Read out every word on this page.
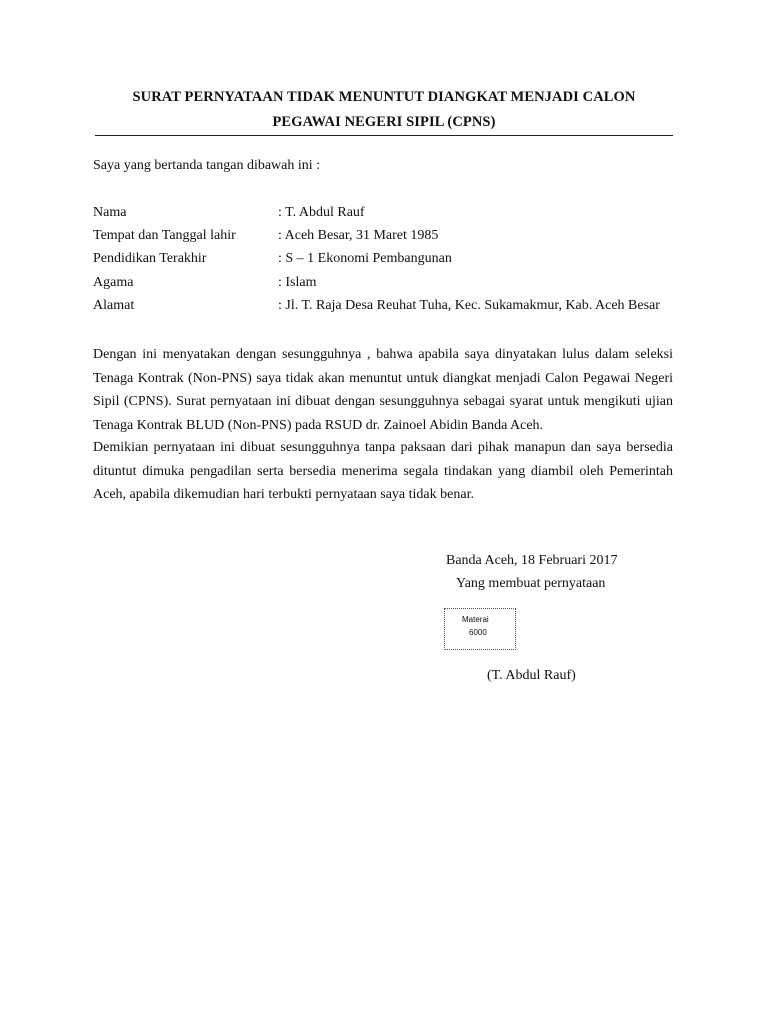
SURAT PERNYATAAN TIDAK MENUNTUT DIANGKAT MENJADI CALON
PEGAWAI NEGERI SIPIL (CPNS)
Saya yang bertanda tangan dibawah ini :
Nama	: T. Abdul Rauf
Tempat dan Tanggal lahir	: Aceh Besar, 31 Maret 1985
Pendidikan Terakhir	: S – 1 Ekonomi Pembangunan
Agama	: Islam
Alamat	: Jl. T. Raja Desa Reuhat Tuha, Kec. Sukamakmur, Kab. Aceh Besar
Dengan ini menyatakan dengan sesungguhnya , bahwa apabila saya dinyatakan lulus dalam seleksi
Tenaga Kontrak (Non-PNS) saya tidak akan menuntut untuk diangkat menjadi Calon Pegawai Negeri
Sipil (CPNS). Surat pernyataan ini dibuat dengan sesungguhnya sebagai syarat untuk mengikuti ujian
Tenaga Kontrak BLUD (Non-PNS) pada RSUD dr. Zainoel Abidin Banda Aceh.
Demikian pernyataan ini dibuat sesungguhnya tanpa paksaan dari pihak manapun dan saya bersedia
dituntut dimuka pengadilan serta bersedia menerima segala tindakan yang diambil oleh Pemerintah
Aceh, apabila dikemudian hari terbukti pernyataan saya tidak benar.
Banda Aceh, 18 Februari 2017
Yang membuat pernyataan
Materai
6000
(T. Abdul Rauf)
